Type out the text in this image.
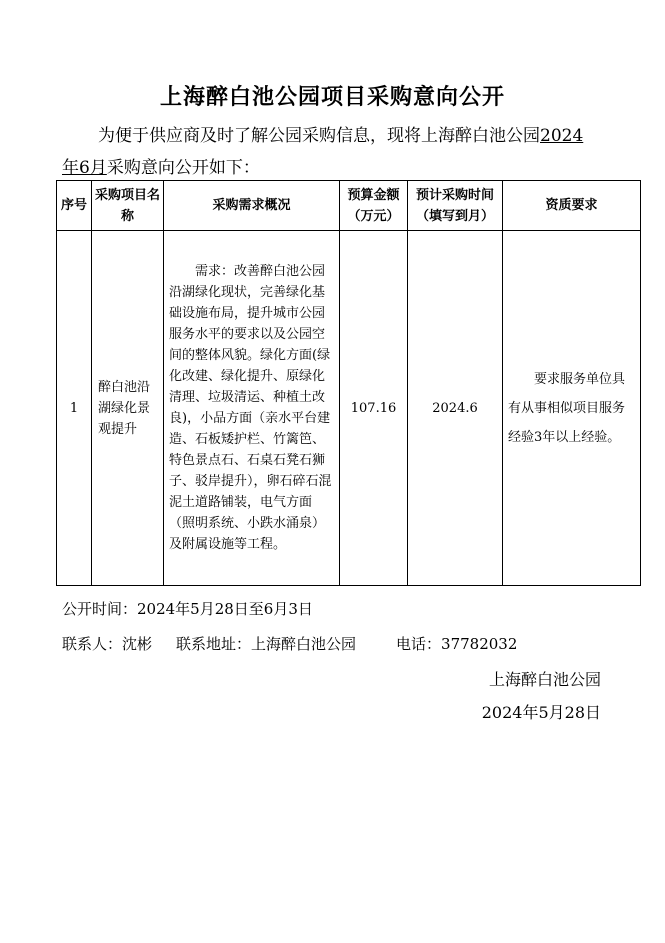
上海醉白池公园项目采购意向公开
为便于供应商及时了解公园采购信息，现将上海醉白池公园2024
年6月采购意向公开如下：
序号	采购项目名称	采购需求概况	预算金额（万元）	预计采购时间（填写到月）	资质要求
1	醉白池沿湖绿化景观提升	需求：改善醉白池公园沿湖绿化现状，完善绿化基础设施布局，提升城市公园服务水平的要求以及公园空间的整体风貌。绿化方面(绿化改建、绿化提升、原绿化清理、垃圾清运、种植土改良)，小品方面（亲水平台建造、石板矮护栏、竹篱笆、特色景点石、石桌石凳石狮子、驳岸提升），卵石碎石混泥土道路铺装，电气方面（照明系统、小跌水涌泉）及附属设施等工程。	107.16	2024.6	要求服务单位具有从事相似项目服务经验3年以上经验。
公开时间：2024年5月28日至6月3日
联系人：沈彬 联系地址：上海醉白池公园	电话：37782032
上海醉白池公园
2024年5月28日
